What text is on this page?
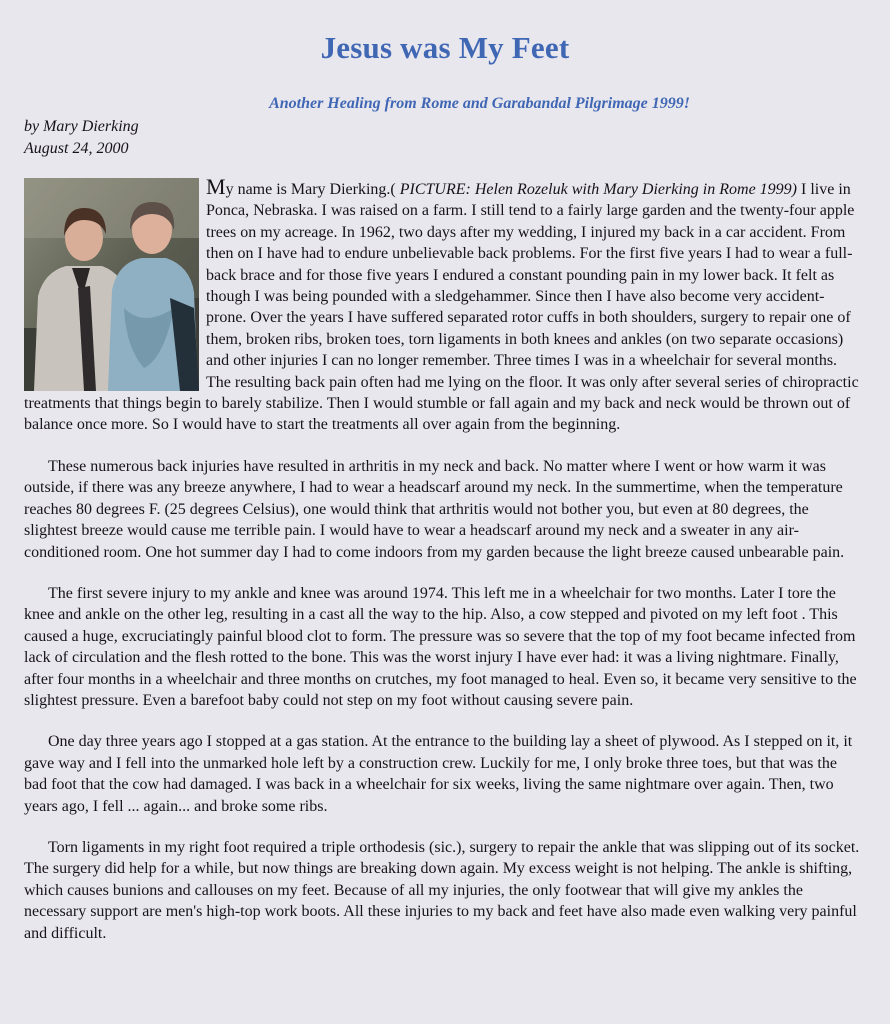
Jesus was My Feet
Another Healing from Rome and Garabandal Pilgrimage 1999!
by Mary Dierking
August 24, 2000

My name is Mary Dierking.( PICTURE: Helen Rozeluk with Mary Dierking in Rome 1999) I live in Ponca, Nebraska. I was raised on a farm. I still tend to a fairly large garden and the twenty-four apple trees on my acreage. In 1962, two days after my wedding, I injured my back in a car accident. From then on I have had to endure unbelievable back problems. For the first five years I had to wear a full-back brace and for those five years I endured a constant pounding pain in my lower back. It felt as though I was being pounded with a sledgehammer. Since then I have also become very accident-prone. Over the years I have suffered separated rotor cuffs in both shoulders, surgery to repair one of them, broken ribs, broken toes, torn ligaments in both knees and ankles (on two separate occasions) and other injuries I can no longer remember. Three times I was in a wheelchair for several months. The resulting back pain often had me lying on the floor. It was only after several series of chiropractic treatments that things begin to barely stabilize. Then I would stumble or fall again and my back and neck would be thrown out of balance once more. So I would have to start the treatments all over again from the beginning.

These numerous back injuries have resulted in arthritis in my neck and back. No matter where I went or how warm it was outside, if there was any breeze anywhere, I had to wear a headscarf around my neck. In the summertime, when the temperature reaches 80 degrees F. (25 degrees Celsius), one would think that arthritis would not bother you, but even at 80 degrees, the slightest breeze would cause me terrible pain. I would have to wear a headscarf around my neck and a sweater in any air-conditioned room. One hot summer day I had to come indoors from my garden because the light breeze caused unbearable pain.

The first severe injury to my ankle and knee was around 1974. This left me in a wheelchair for two months. Later I tore the knee and ankle on the other leg, resulting in a cast all the way to the hip. Also, a cow stepped and pivoted on my left foot . This caused a huge, excruciatingly painful blood clot to form. The pressure was so severe that the top of my foot became infected from lack of circulation and the flesh rotted to the bone. This was the worst injury I have ever had: it was a living nightmare. Finally, after four months in a wheelchair and three months on crutches, my foot managed to heal. Even so, it became very sensitive to the slightest pressure. Even a barefoot baby could not step on my foot without causing severe pain.

One day three years ago I stopped at a gas station. At the entrance to the building lay a sheet of plywood. As I stepped on it, it gave way and I fell into the unmarked hole left by a construction crew. Luckily for me, I only broke three toes, but that was the bad foot that the cow had damaged. I was back in a wheelchair for six weeks, living the same nightmare over again. Then, two years ago, I fell ... again... and broke some ribs.

Torn ligaments in my right foot required a triple orthodesis (sic.), surgery to repair the ankle that was slipping out of its socket. The surgery did help for a while, but now things are breaking down again. My excess weight is not helping. The ankle is shifting, which causes bunions and callouses on my feet. Because of all my injuries, the only footwear that will give my ankles the necessary support are men's high-top work boots. All these injuries to my back and feet have also made even walking very painful and difficult.
